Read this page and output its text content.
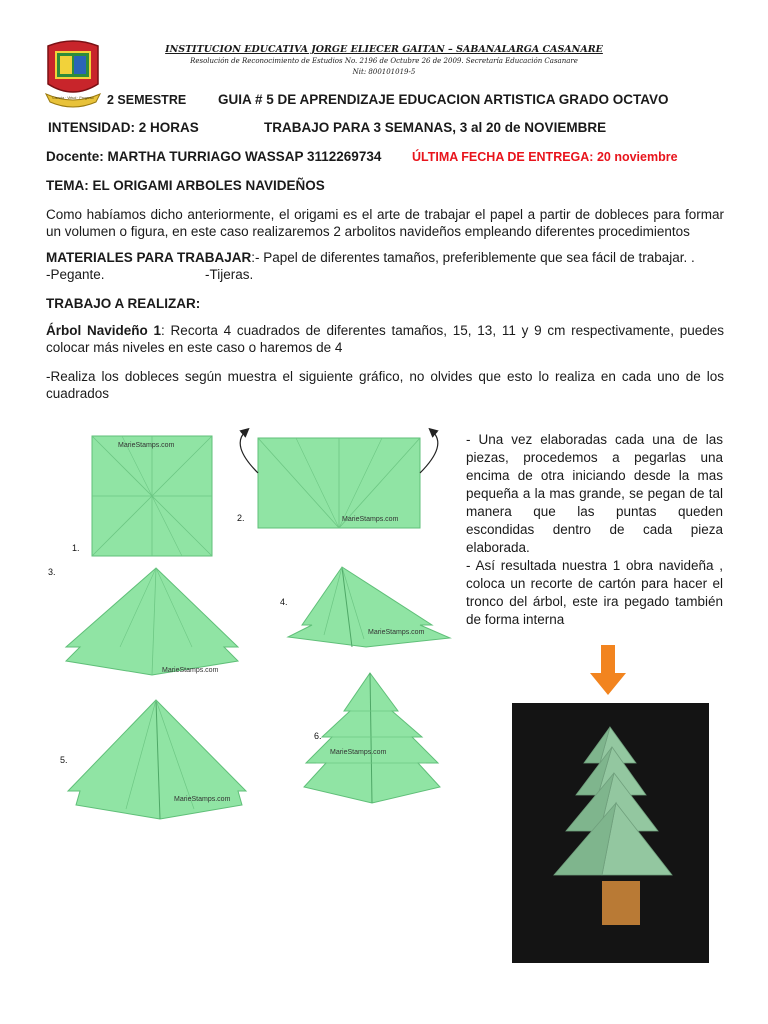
Ciencia · Virtud · Progreso
INSTITUCION EDUCATIVA JORGE ELIECER GAITAN – SABANALARGA CASANARE
Resolución de Reconocimiento de Estudios No. 2196 de Octubre 26 de 2009. Secretaría Educación Casanare
Nit: 800101019-5
2 SEMESTRE GUIA # 5 DE APRENDIZAJE EDUCACION ARTISTICA GRADO OCTAVO
INTENSIDAD: 2 HORAS	TRABAJO PARA 3 SEMANAS, 3 al 20 de NOVIEMBRE
Docente: MARTHA TURRIAGO WASSAP 3112269734 ÚLTIMA FECHA DE ENTREGA: 20 noviembre
TEMA: EL ORIGAMI ARBOLES NAVIDEÑOS
Como habíamos dicho anteriormente, el origami es el arte de trabajar el papel a partir de dobleces para formar un volumen o figura, en este caso realizaremos 2 arbolitos navideños empleando diferentes procedimientos
MATERIALES PARA TRABAJAR:- Papel de diferentes tamaños, preferiblemente que sea fácil de trabajar. .
-Pegante.	-Tijeras.
TRABAJO A REALIZAR:
Árbol Navideño 1: Recorta 4 cuadrados de diferentes tamaños, 15, 13, 11 y 9 cm respectivamente, puedes colocar más niveles en este caso o haremos de 4
-Realiza los dobleces según muestra el siguiente gráfico, no olvides que esto lo realiza en cada uno de los cuadrados
MarieStamps.com
1.
MarieStamps.com
2.
MarieStamps.com
3.
MarieStamps.com
4.
MarieStamps.com
5.
MarieStamps.com
6.

- Una vez elaboradas cada una de las piezas, procedemos a pegarlas una encima de otra iniciando desde la mas pequeña a la mas grande, se pegan de tal manera que las puntas queden escondidas dentro de cada pieza elaborada.

- Así resultada nuestra 1 obra navideña , coloca un recorte de cartón para hacer el tronco del árbol, este ira pegado también de forma interna
